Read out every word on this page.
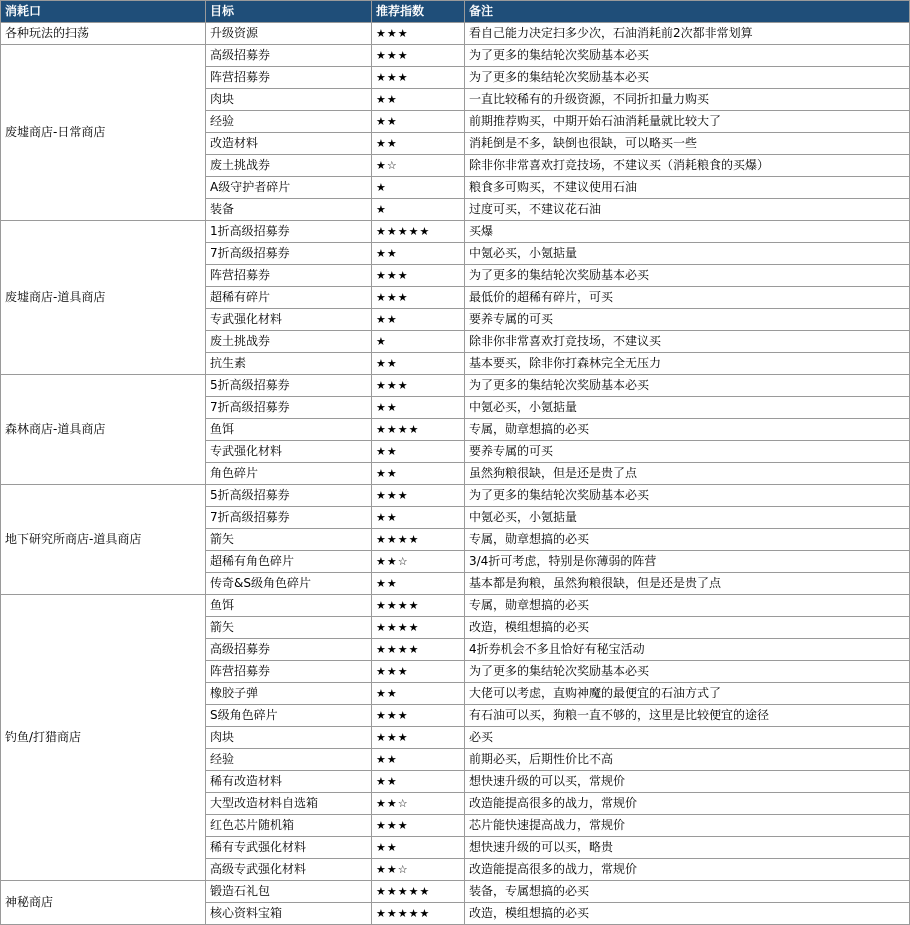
消耗口	目标	推荐指数	备注
各种玩法的扫荡	升级资源	★★★	看自己能力决定扫多少次，石油消耗前2次都非常划算
废墟商店-日常商店	高级招募券	★★★	为了更多的集结轮次奖励基本必买
	阵营招募券	★★★	为了更多的集结轮次奖励基本必买
	肉块	★★	一直比较稀有的升级资源，不同折扣量力购买
	经验	★★	前期推荐购买，中期开始石油消耗量就比较大了
	改造材料	★★	消耗倒是不多，缺倒也很缺，可以略买一些
	废土挑战券	★☆	除非你非常喜欢打竞技场，不建议买（消耗粮食的买爆）
	A级守护者碎片	★	粮食多可购买，不建议使用石油
	装备	★	过度可买，不建议花石油
废墟商店-道具商店	1折高级招募券	★★★★★	买爆
	7折高级招募券	★★	中氪必买，小氪掂量
	阵营招募券	★★★	为了更多的集结轮次奖励基本必买
	超稀有碎片	★★★	最低价的超稀有碎片，可买
	专武强化材料	★★	要养专属的可买
	废土挑战券	★	除非你非常喜欢打竞技场，不建议买
	抗生素	★★	基本要买，除非你打森林完全无压力
森林商店-道具商店	5折高级招募券	★★★	为了更多的集结轮次奖励基本必买
	7折高级招募券	★★	中氪必买，小氪掂量
	鱼饵	★★★★	专属，勋章想搞的必买
	专武强化材料	★★	要养专属的可买
	角色碎片	★★	虽然狗粮很缺，但是还是贵了点
地下研究所商店-道具商店	5折高级招募券	★★★	为了更多的集结轮次奖励基本必买
	7折高级招募券	★★	中氪必买，小氪掂量
	箭矢	★★★★	专属，勋章想搞的必买
	超稀有角色碎片	★★☆	3/4折可考虑，特别是你薄弱的阵营
	传奇&S级角色碎片	★★	基本都是狗粮，虽然狗粮很缺，但是还是贵了点
钓鱼/打猎商店	鱼饵	★★★★	专属，勋章想搞的必买
	箭矢	★★★★	改造，模组想搞的必买
	高级招募券	★★★★	4折券机会不多且恰好有秘宝活动
	阵营招募券	★★★	为了更多的集结轮次奖励基本必买
	橡胶子弹	★★	大佬可以考虑，直购神魔的最便宜的石油方式了
	S级角色碎片	★★★	有石油可以买，狗粮一直不够的，这里是比较便宜的途径
	肉块	★★★	必买
	经验	★★	前期必买，后期性价比不高
	稀有改造材料	★★	想快速升级的可以买，常规价
	大型改造材料自选箱	★★☆	改造能提高很多的战力，常规价
	红色芯片随机箱	★★★	芯片能快速提高战力，常规价
	稀有专武强化材料	★★	想快速升级的可以买，略贵
	高级专武强化材料	★★☆	改造能提高很多的战力，常规价
神秘商店	锻造石礼包	★★★★★	装备，专属想搞的必买
	核心资料宝箱	★★★★★	改造，模组想搞的必买
